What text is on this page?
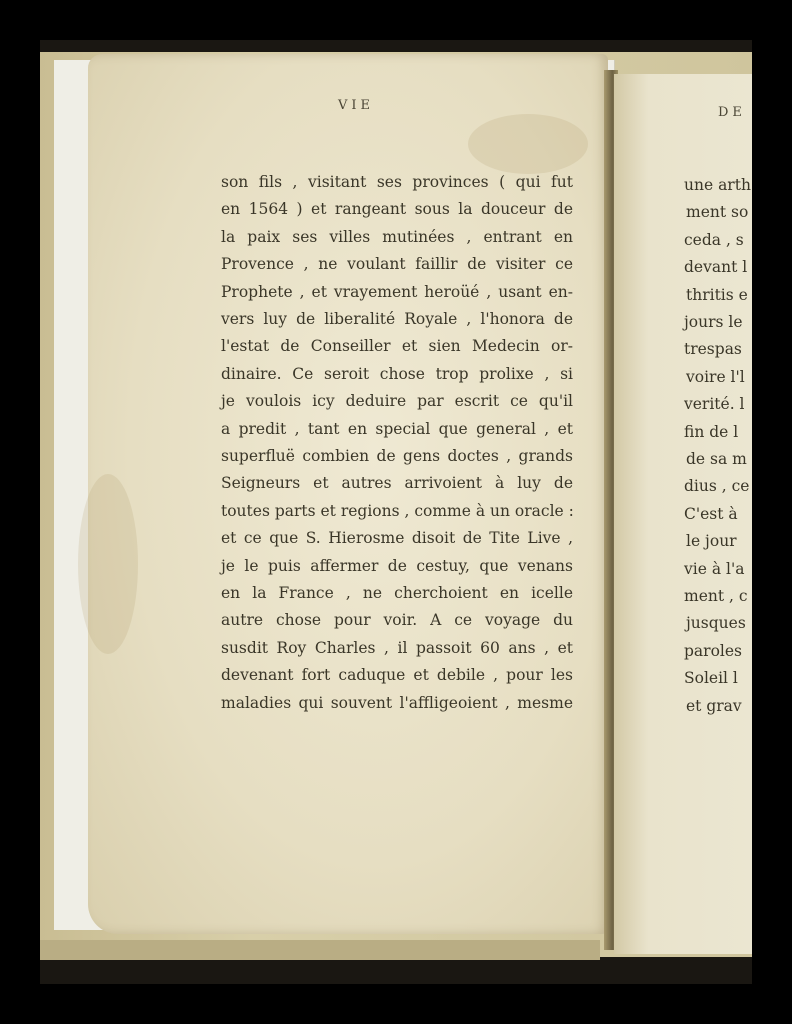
VIE	DE
son fils , visitant ses provinces ( qui fut
en 1564 ) et rangeant sous la douceur de
la paix ses villes mutinées , entrant en
Provence , ne voulant faillir de visiter ce
Prophete , et vrayement heroüé , usant en-
vers luy de liberalité Royale , l'honora de
l'estat de Conseiller et sien Medecin or-
dinaire. Ce seroit chose trop prolixe , si
je voulois icy deduire par escrit ce qu'il
a predit , tant en special que general , et
superfluë combien de gens doctes , grands
Seigneurs et autres arrivoient à luy de
toutes parts et regions , comme à un oracle :
et ce que S. Hierosme disoit de Tite Live ,
je le puis affermer de cestuy, que venans
en la France , ne cherchoient en icelle
autre chose pour voir. A ce voyage du
susdit Roy Charles , il passoit 60 ans , et
devenant fort caduque et debile , pour les
maladies qui souvent l'affligeoient , mesme
une arth
ment so
ceda , s
devant l
thritis e
jours le
trespas
voire l'l
verité. l
fin de l
de sa m
dius , ce
C'est à
le jour
vie à l'a
ment , c
jusques
paroles
Soleil l
et grav
